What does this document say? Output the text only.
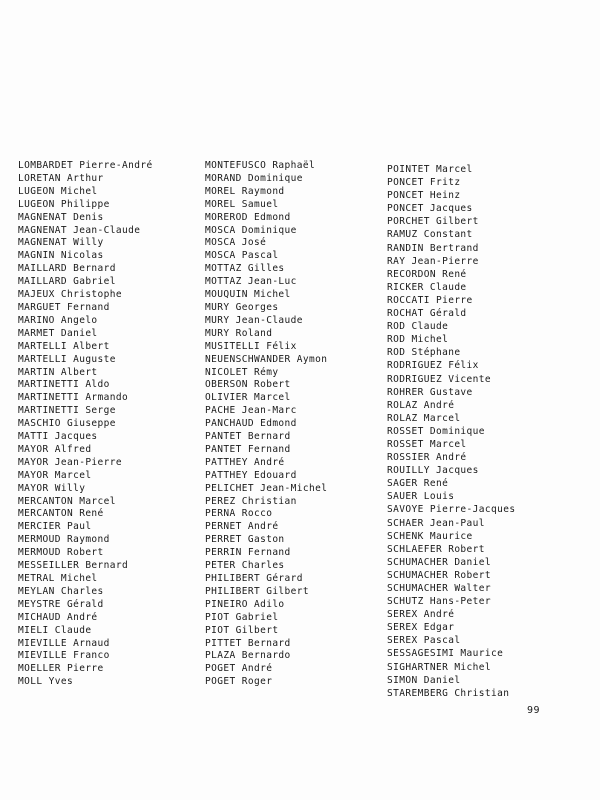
LOMBARDET Pierre-André
LORETAN Arthur
LUGEON Michel
LUGEON Philippe
MAGNENAT Denis
MAGNENAT Jean-Claude
MAGNENAT Willy
MAGNIN Nicolas
MAILLARD Bernard
MAILLARD Gabriel
MAJEUX Christophe
MARGUET Fernand
MARINO Angelo
MARMET Daniel
MARTELLI Albert
MARTELLI Auguste
MARTIN Albert
MARTINETTI Aldo
MARTINETTI Armando
MARTINETTI Serge
MASCHIO Giuseppe
MATTI Jacques
MAYOR Alfred
MAYOR Jean-Pierre
MAYOR Marcel
MAYOR Willy
MERCANTON Marcel
MERCANTON René
MERCIER Paul
MERMOUD Raymond
MERMOUD Robert
MESSEILLER Bernard
METRAL Michel
MEYLAN Charles
MEYSTRE Gérald
MICHAUD André
MIELI Claude
MIEVILLE Arnaud
MIEVILLE Franco
MOELLER Pierre
MOLL Yves
MONTEFUSCO Raphaël
MORAND Dominique
MOREL Raymond
MOREL Samuel
MOREROD Edmond
MOSCA Dominique
MOSCA José
MOSCA Pascal
MOTTAZ Gilles
MOTTAZ Jean-Luc
MOUQUIN Michel
MURY Georges
MURY Jean-Claude
MURY Roland
MUSITELLI Félix
NEUENSCHWANDER Aymon
NICOLET Rémy
OBERSON Robert
OLIVIER Marcel
PACHE Jean-Marc
PANCHAUD Edmond
PANTET Bernard
PANTET Fernand
PATTHEY André
PATTHEY Edouard
PELICHET Jean-Michel
PEREZ Christian
PERNA Rocco
PERNET André
PERRET Gaston
PERRIN Fernand
PETER Charles
PHILIBERT Gérard
PHILIBERT Gilbert
PINEIRO Adilo
PIOT Gabriel
PIOT Gilbert
PITTET Bernard
PLAZA Bernardo
POGET André
POGET Roger
POINTET Marcel
PONCET Fritz
PONCET Heinz
PONCET Jacques
PORCHET Gilbert
RAMUZ Constant
RANDIN Bertrand
RAY Jean-Pierre
RECORDON René
RICKER Claude
ROCCATI Pierre
ROCHAT Gérald
ROD Claude
ROD Michel
ROD Stéphane
RODRIGUEZ Félix
RODRIGUEZ Vicente
ROHRER Gustave
ROLAZ André
ROLAZ Marcel
ROSSET Dominique
ROSSET Marcel
ROSSIER André
ROUILLY Jacques
SAGER René
SAUER Louis
SAVOYE Pierre-Jacques
SCHAER Jean-Paul
SCHENK Maurice
SCHLAEFER Robert
SCHUMACHER Daniel
SCHUMACHER Robert
SCHUMACHER Walter
SCHUTZ Hans-Peter
SEREX André
SEREX Edgar
SEREX Pascal
SESSAGESIMI Maurice
SIGHARTNER Michel
SIMON Daniel
STAREMBERG Christian
99
